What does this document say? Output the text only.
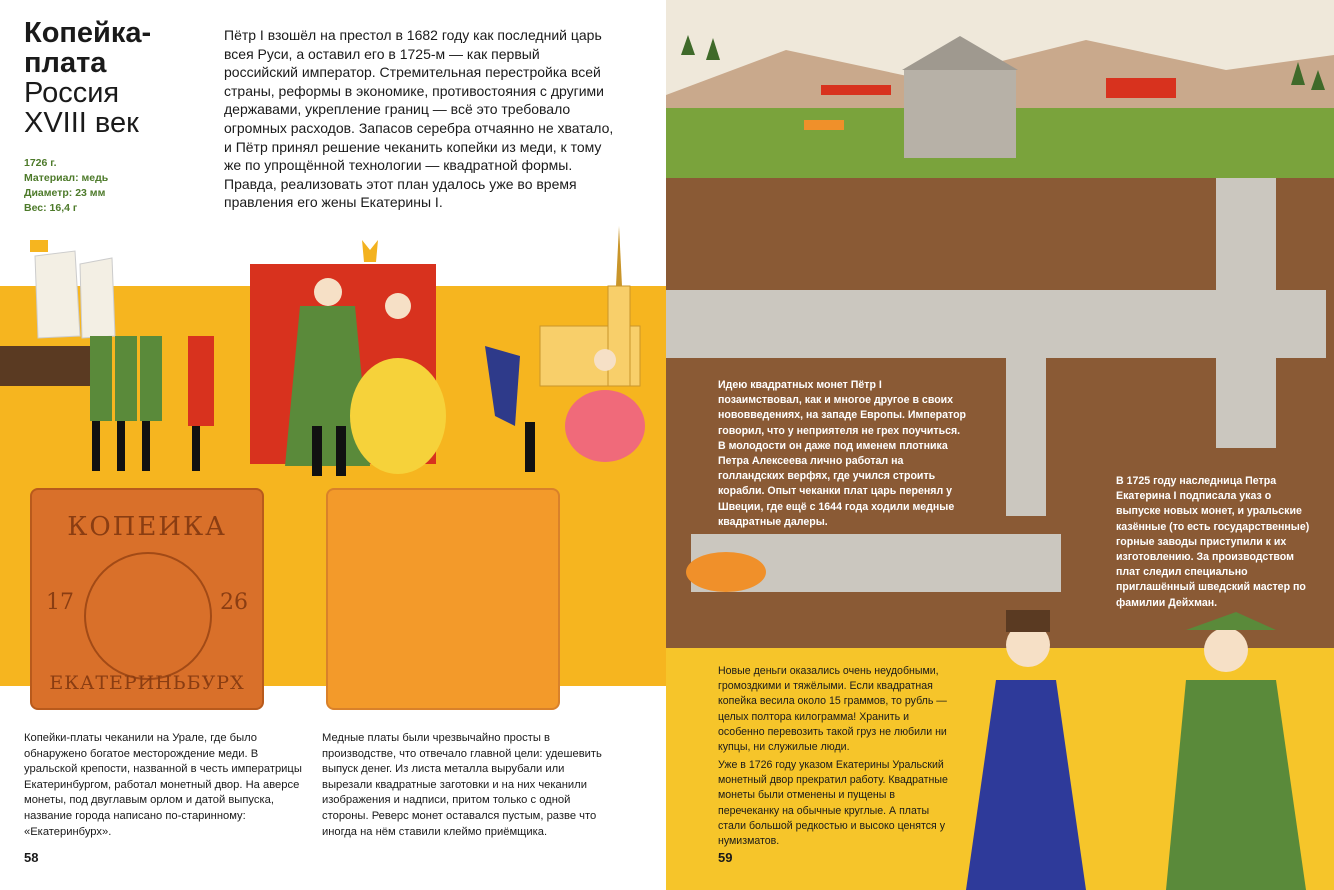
Копейка-
плата
Россия
XVIII век
1726 г.
Материал: медь
Диаметр: 23 мм
Вес: 16,4 г
Пётр I взошёл на престол в 1682 году как последний царь всея Руси, а оставил его в 1725-м — как первый российский император. Стремительная перестройка всей страны, реформы в экономике, противостояния с другими державами, укрепление границ — всё это требовало огромных расходов. Запасов серебра отчаянно не хватало, и Пётр принял решение чеканить копейки из меди, к тому же по упрощённой технологии — квадратной формы. Правда, реализовать этот план удалось уже во время правления его жены Екатерины I.
КОПЕИКА
17	26
ЕКАТЕРИНЬБУРХ
Копейки-платы чеканили на Урале, где было обнаружено богатое месторождение меди. В уральской крепости, названной в честь императрицы Екатеринбургом, работал монетный двор. На аверсе монеты, под двуглавым орлом и датой выпуска, название города написано по-старинному: «Екатеринбурх».
Медные платы были чрезвычайно просты в производстве, что отвечало главной цели: удешевить выпуск денег. Из листа металла вырубали или вырезали квадратные заготовки и на них чеканили изображения и надписи, притом только с одной стороны. Реверс монет оставался пустым, разве что иногда на нём ставили клеймо приёмщика.
58
Идею квадратных монет Пётр I позаимствовал, как и многое другое в своих нововведениях, на западе Европы. Император говорил, что у неприятеля не грех поучиться. В молодости он даже под именем плотника Петра Алексеева лично работал на голландских верфях, где учился строить корабли. Опыт чеканки плат царь перенял у Швеции, где ещё с 1644 года ходили медные квадратные далеры.
В 1725 году наследница Петра Екатерина I подписала указ о выпуске новых монет, и уральские казённые (то есть государственные) горные заводы приступили к их изготовлению. За производством плат следил специально приглашённый шведский мастер по фамилии Дейхман.
Новые деньги оказались очень неудобными, громоздкими и тяжёлыми. Если квадратная копейка весила около 15 граммов, то рубль — целых полтора килограмма! Хранить и особенно перевозить такой груз не любили ни купцы, ни служилые люди.
Уже в 1726 году указом Екатерины Уральский монетный двор прекратил работу. Квадратные монеты были отменены и пущены в перечеканку на обычные круглые. А платы стали большой редкостью и высоко ценятся у нумизматов.
59
